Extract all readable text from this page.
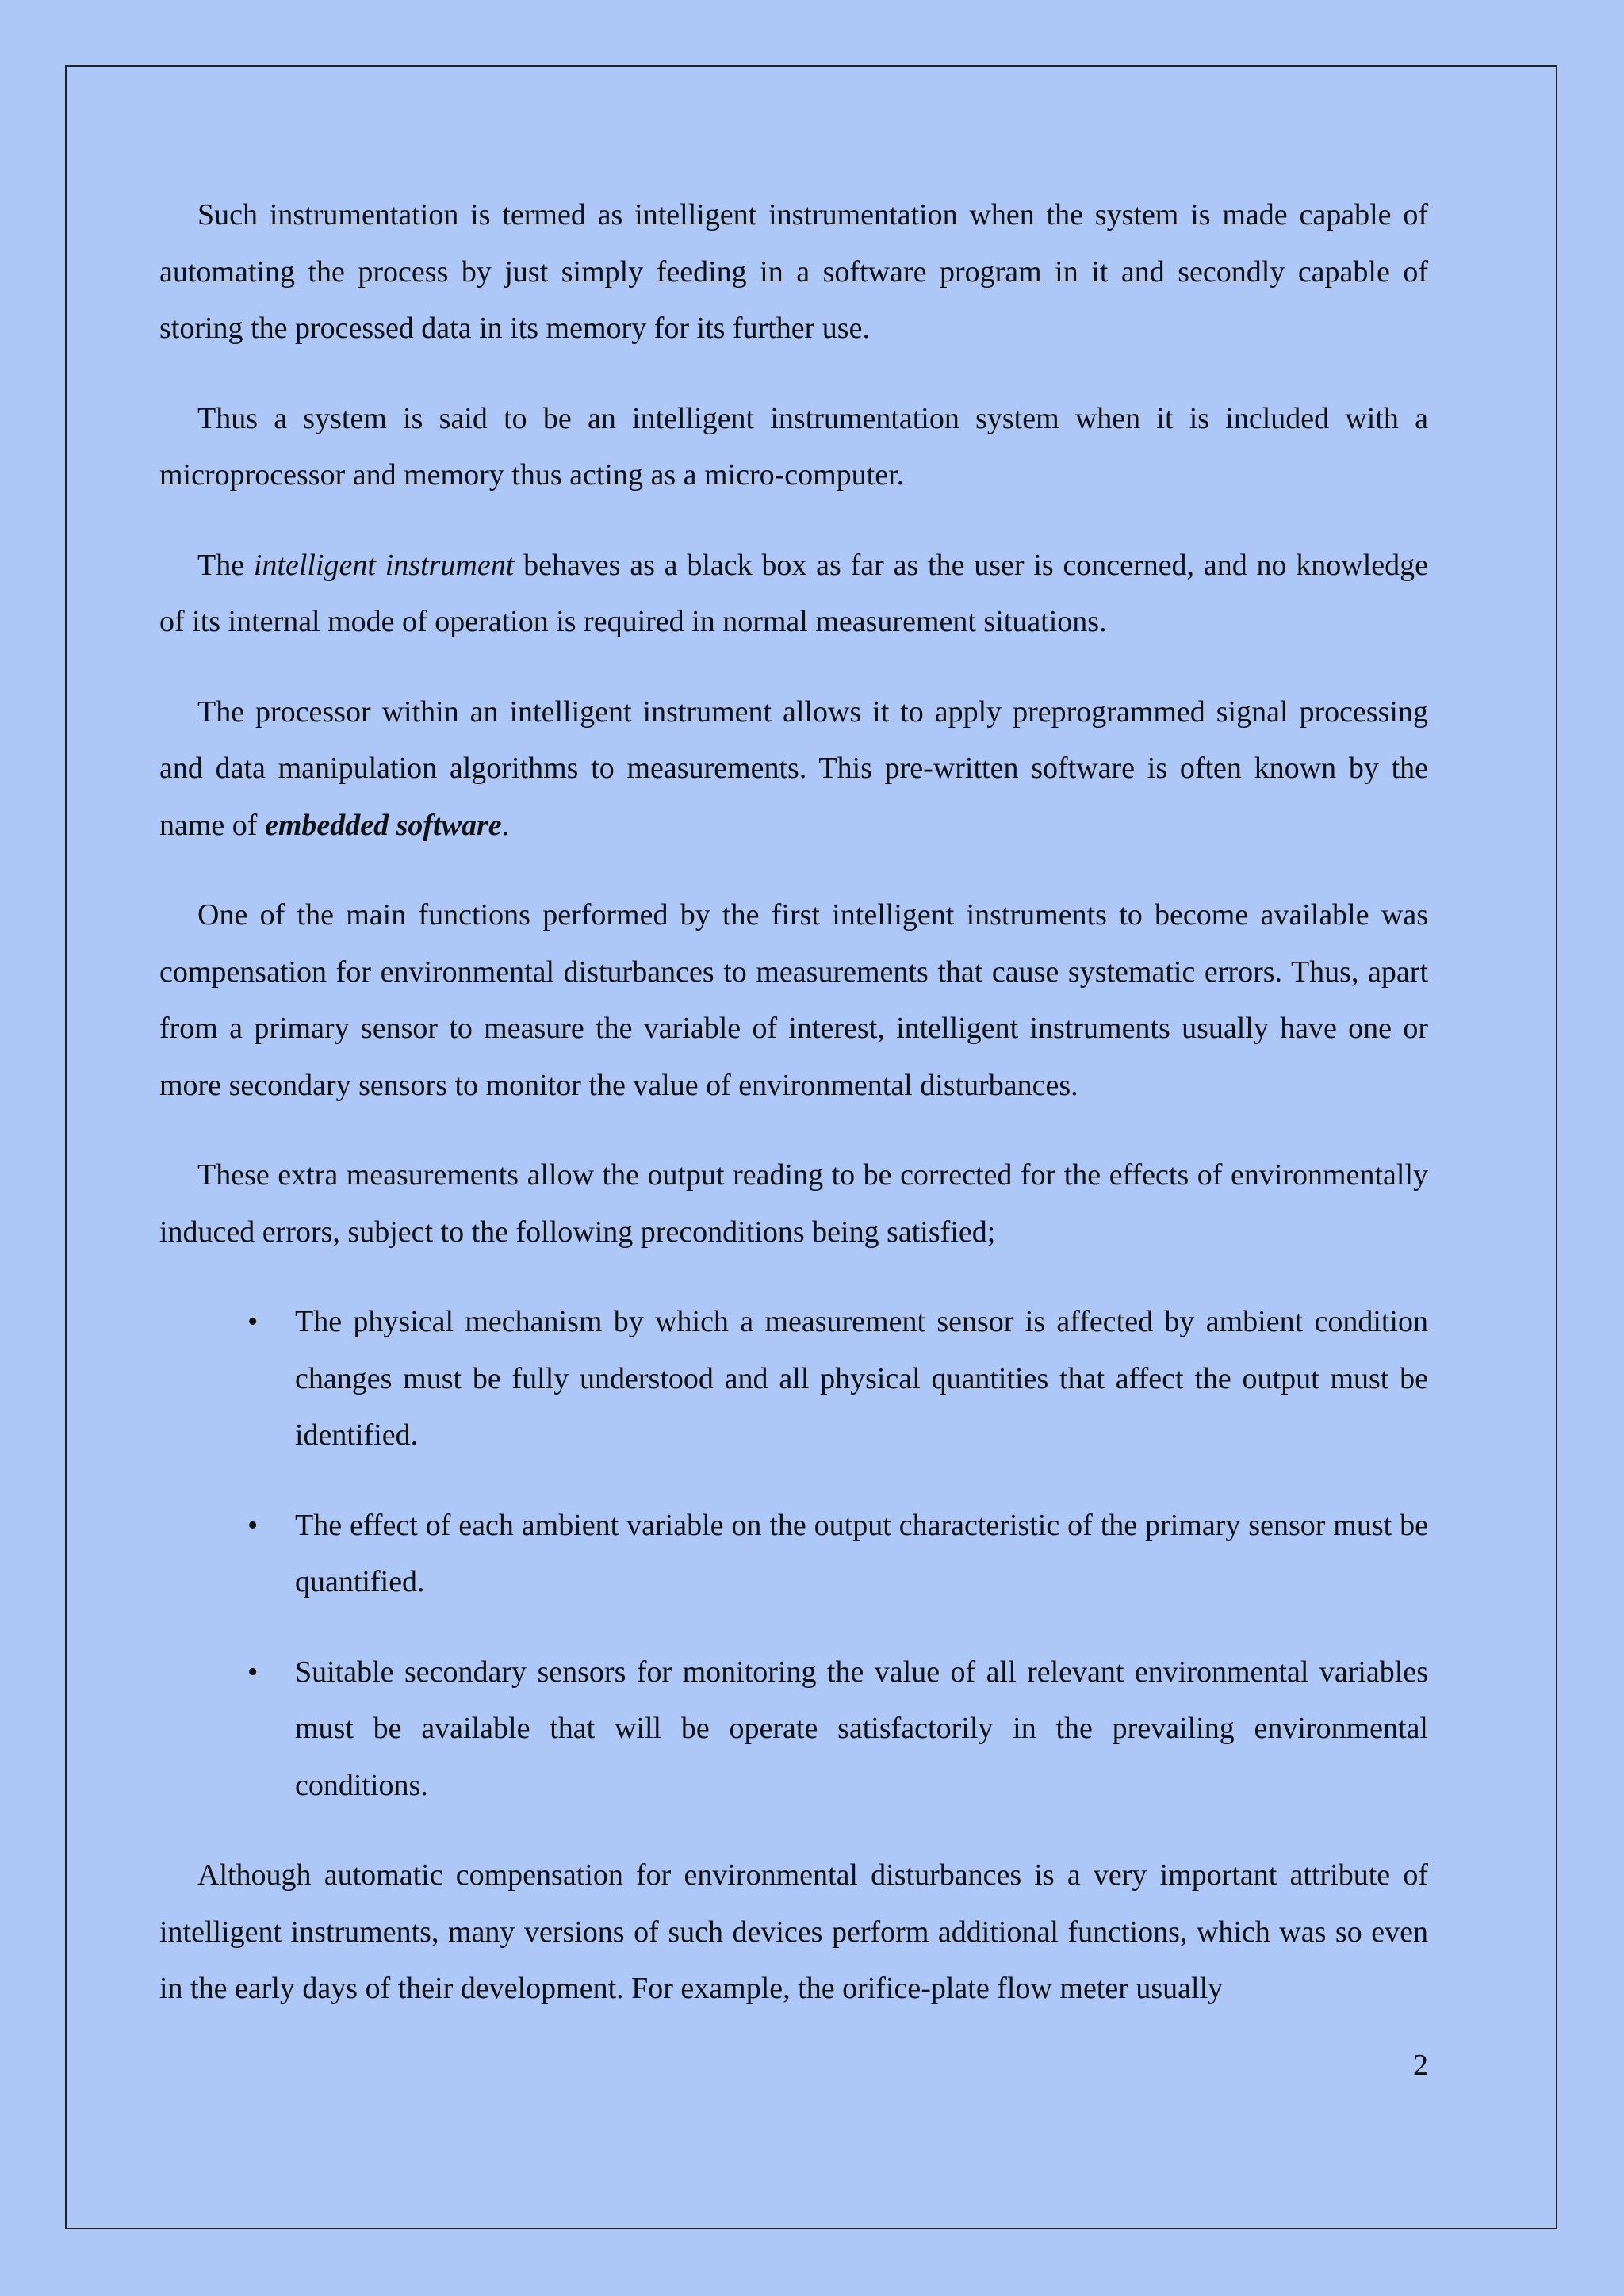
Such instrumentation is termed as intelligent instrumentation when the system is made capable of automating the process by just simply feeding in a software program in it and secondly capable of storing the processed data in its memory for its further use.

Thus a system is said to be an intelligent instrumentation system when it is included with a microprocessor and memory thus acting as a micro-computer.

The intelligent instrument behaves as a black box as far as the user is concerned, and no knowledge of its internal mode of operation is required in normal measurement situations.

The processor within an intelligent instrument allows it to apply preprogrammed signal processing and data manipulation algorithms to measurements. This pre-written software is often known by the name of embedded software.

One of the main functions performed by the first intelligent instruments to become available was compensation for environmental disturbances to measurements that cause systematic errors. Thus, apart from a primary sensor to measure the variable of interest, intelligent instruments usually have one or more secondary sensors to monitor the value of environmental disturbances.

These extra measurements allow the output reading to be corrected for the effects of environmentally induced errors, subject to the following preconditions being satisfied;

• The physical mechanism by which a measurement sensor is affected by ambient condition changes must be fully understood and all physical quantities that affect the output must be identified.
• The effect of each ambient variable on the output characteristic of the primary sensor must be quantified.
• Suitable secondary sensors for monitoring the value of all relevant environmental variables must be available that will be operate satisfactorily in the prevailing environmental conditions.

Although automatic compensation for environmental disturbances is a very important attribute of intelligent instruments, many versions of such devices perform additional functions, which was so even in the early days of their development. For example, the orifice-plate flow meter usually

2
